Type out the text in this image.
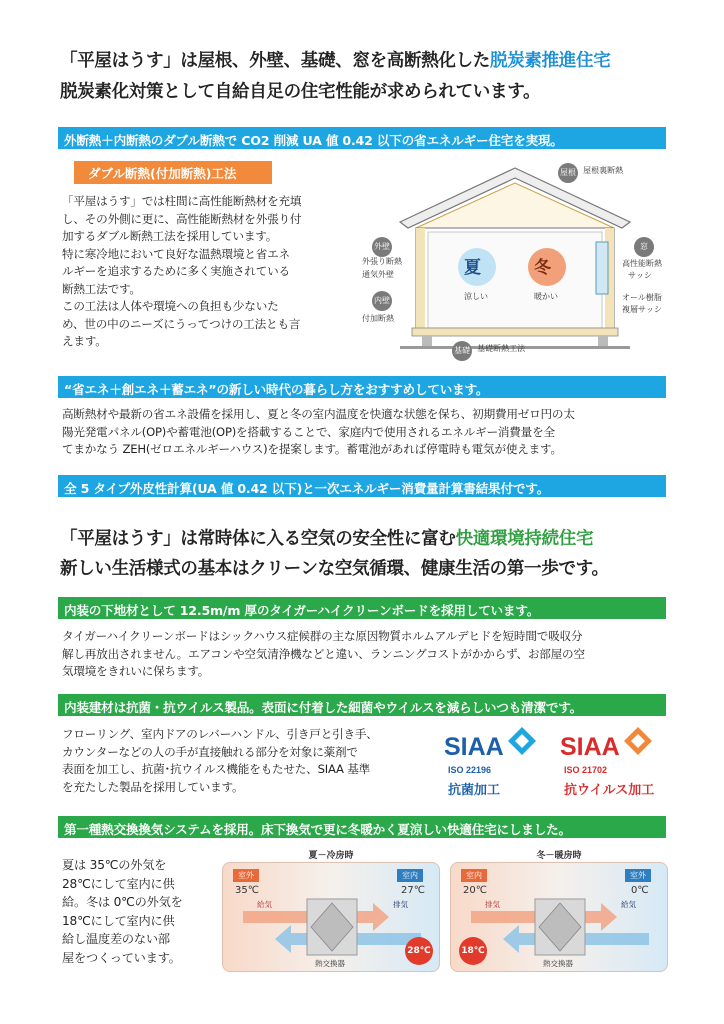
「平屋はうす」は屋根、外壁、基礎、窓を高断熱化した脱炭素推進住宅
脱炭素化対策として自給自足の住宅性能が求められています。
外断熱＋内断熱のダブル断熱で CO2 削減 UA 値 0.42 以下の省エネルギー住宅を実現。
ダブル断熱(付加断熱)工法
「平屋はうす」では柱間に高性能断熱材を充填
し、その外側に更に、高性能断熱材を外張り付
加するダブル断熱工法を採用しています。
特に寒冷地において良好な温熱環境と省エネ
ルギーを追求するために多く実施されている
断熱工法です。
この工法は人体や環境への負担も少ないた
め、世の中のニーズにうってつけの工法とも言
えます。
夏	冬
涼しい	暖かい
屋根 屋根裏断熱
外壁
外張り断熱
通気外壁
内壁
付加断熱
窓
高性能断熱
サッシ
オール樹脂
複層サッシ
基礎 基礎断熱工法
“省エネ＋創エネ＋蓄エネ”の新しい時代の暮らし方をおすすめしています。
高断熱材や最新の省エネ設備を採用し、夏と冬の室内温度を快適な状態を保ち、初期費用ゼロ円の太
陽光発電パネル(OP)や蓄電池(OP)を搭載することで、家庭内で使用されるエネルギー消費量を全
てまかなう ZEH(ゼロエネルギーハウス)を提案します。蓄電池があれば停電時も電気が使えます。
全 5 タイプ外皮性計算(UA 値 0.42 以下)と一次エネルギー消費量計算書結果付です。
「平屋はうす」は常時体に入る空気の安全性に富む快適環境持続住宅
新しい生活様式の基本はクリーンな空気循環、健康生活の第一歩です。
内装の下地材として 12.5m/m 厚のタイガーハイクリーンボードを採用しています。
タイガーハイクリーンボードはシックハウス症候群の主な原因物質ホルムアルデヒドを短時間で吸収分
解し再放出されません。エアコンや空気清浄機などと違い、ランニングコストがかからず、お部屋の空
気環境をきれいに保ちます。
内装建材は抗菌・抗ウイルス製品。表面に付着した細菌やウイルスを減らしいつも清潔です。
フローリング、室内ドアのレバーハンドル、引き戸と引き手、
カウンターなどの人の手が直接触れる部分を対象に薬剤で
表面を加工し、抗菌･抗ウイルス機能をもたせた、SIAA 基準
を充たした製品を採用しています。
SIAA
ISO 22196
抗菌加工
SIAA
ISO 21702
抗ウイルス加工
第一種熱交換換気システムを採用。床下換気で更に冬暖かく夏涼しい快適住宅にしました。
夏は 35℃の外気を
28℃にして室内に供
給。冬は 0℃の外気を
18℃にして室内に供
給し温度差のない部
屋をつくっています。
夏－冷房時
室外
35℃
室内
27℃
給気	排気
熱交換器
28℃
冬－暖房時
室内
20℃
室外
0℃
排気	給気
熱交換器
18℃
